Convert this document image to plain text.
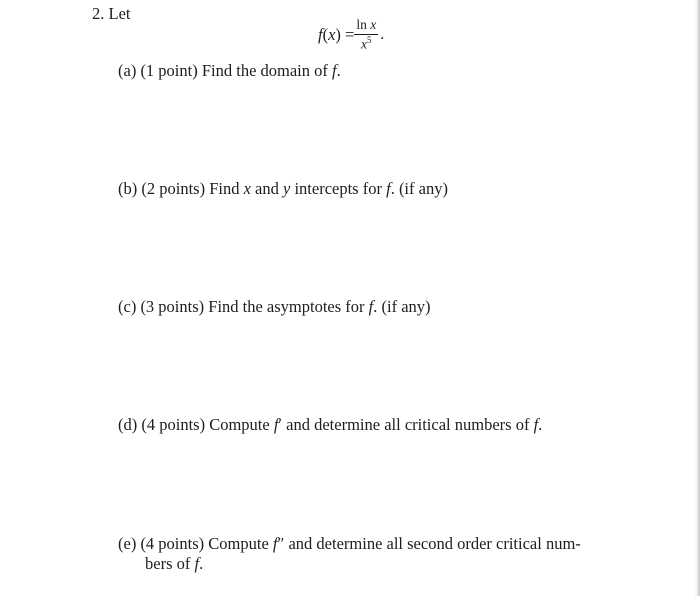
2. Let
$f(x) = \frac{\text{ln x}}{x^5}$ .
(a) (1 point) Find the domain of f.
(b) (2 points) Find x and y intercepts for f. (if any)
(c) (3 points) Find the asymptotes for f. (if any)
(d) (4 points) Compute f′ and determine all critical numbers of f.
(e) (4 points) Compute f″ and determine all second order critical num-
bers of f.
